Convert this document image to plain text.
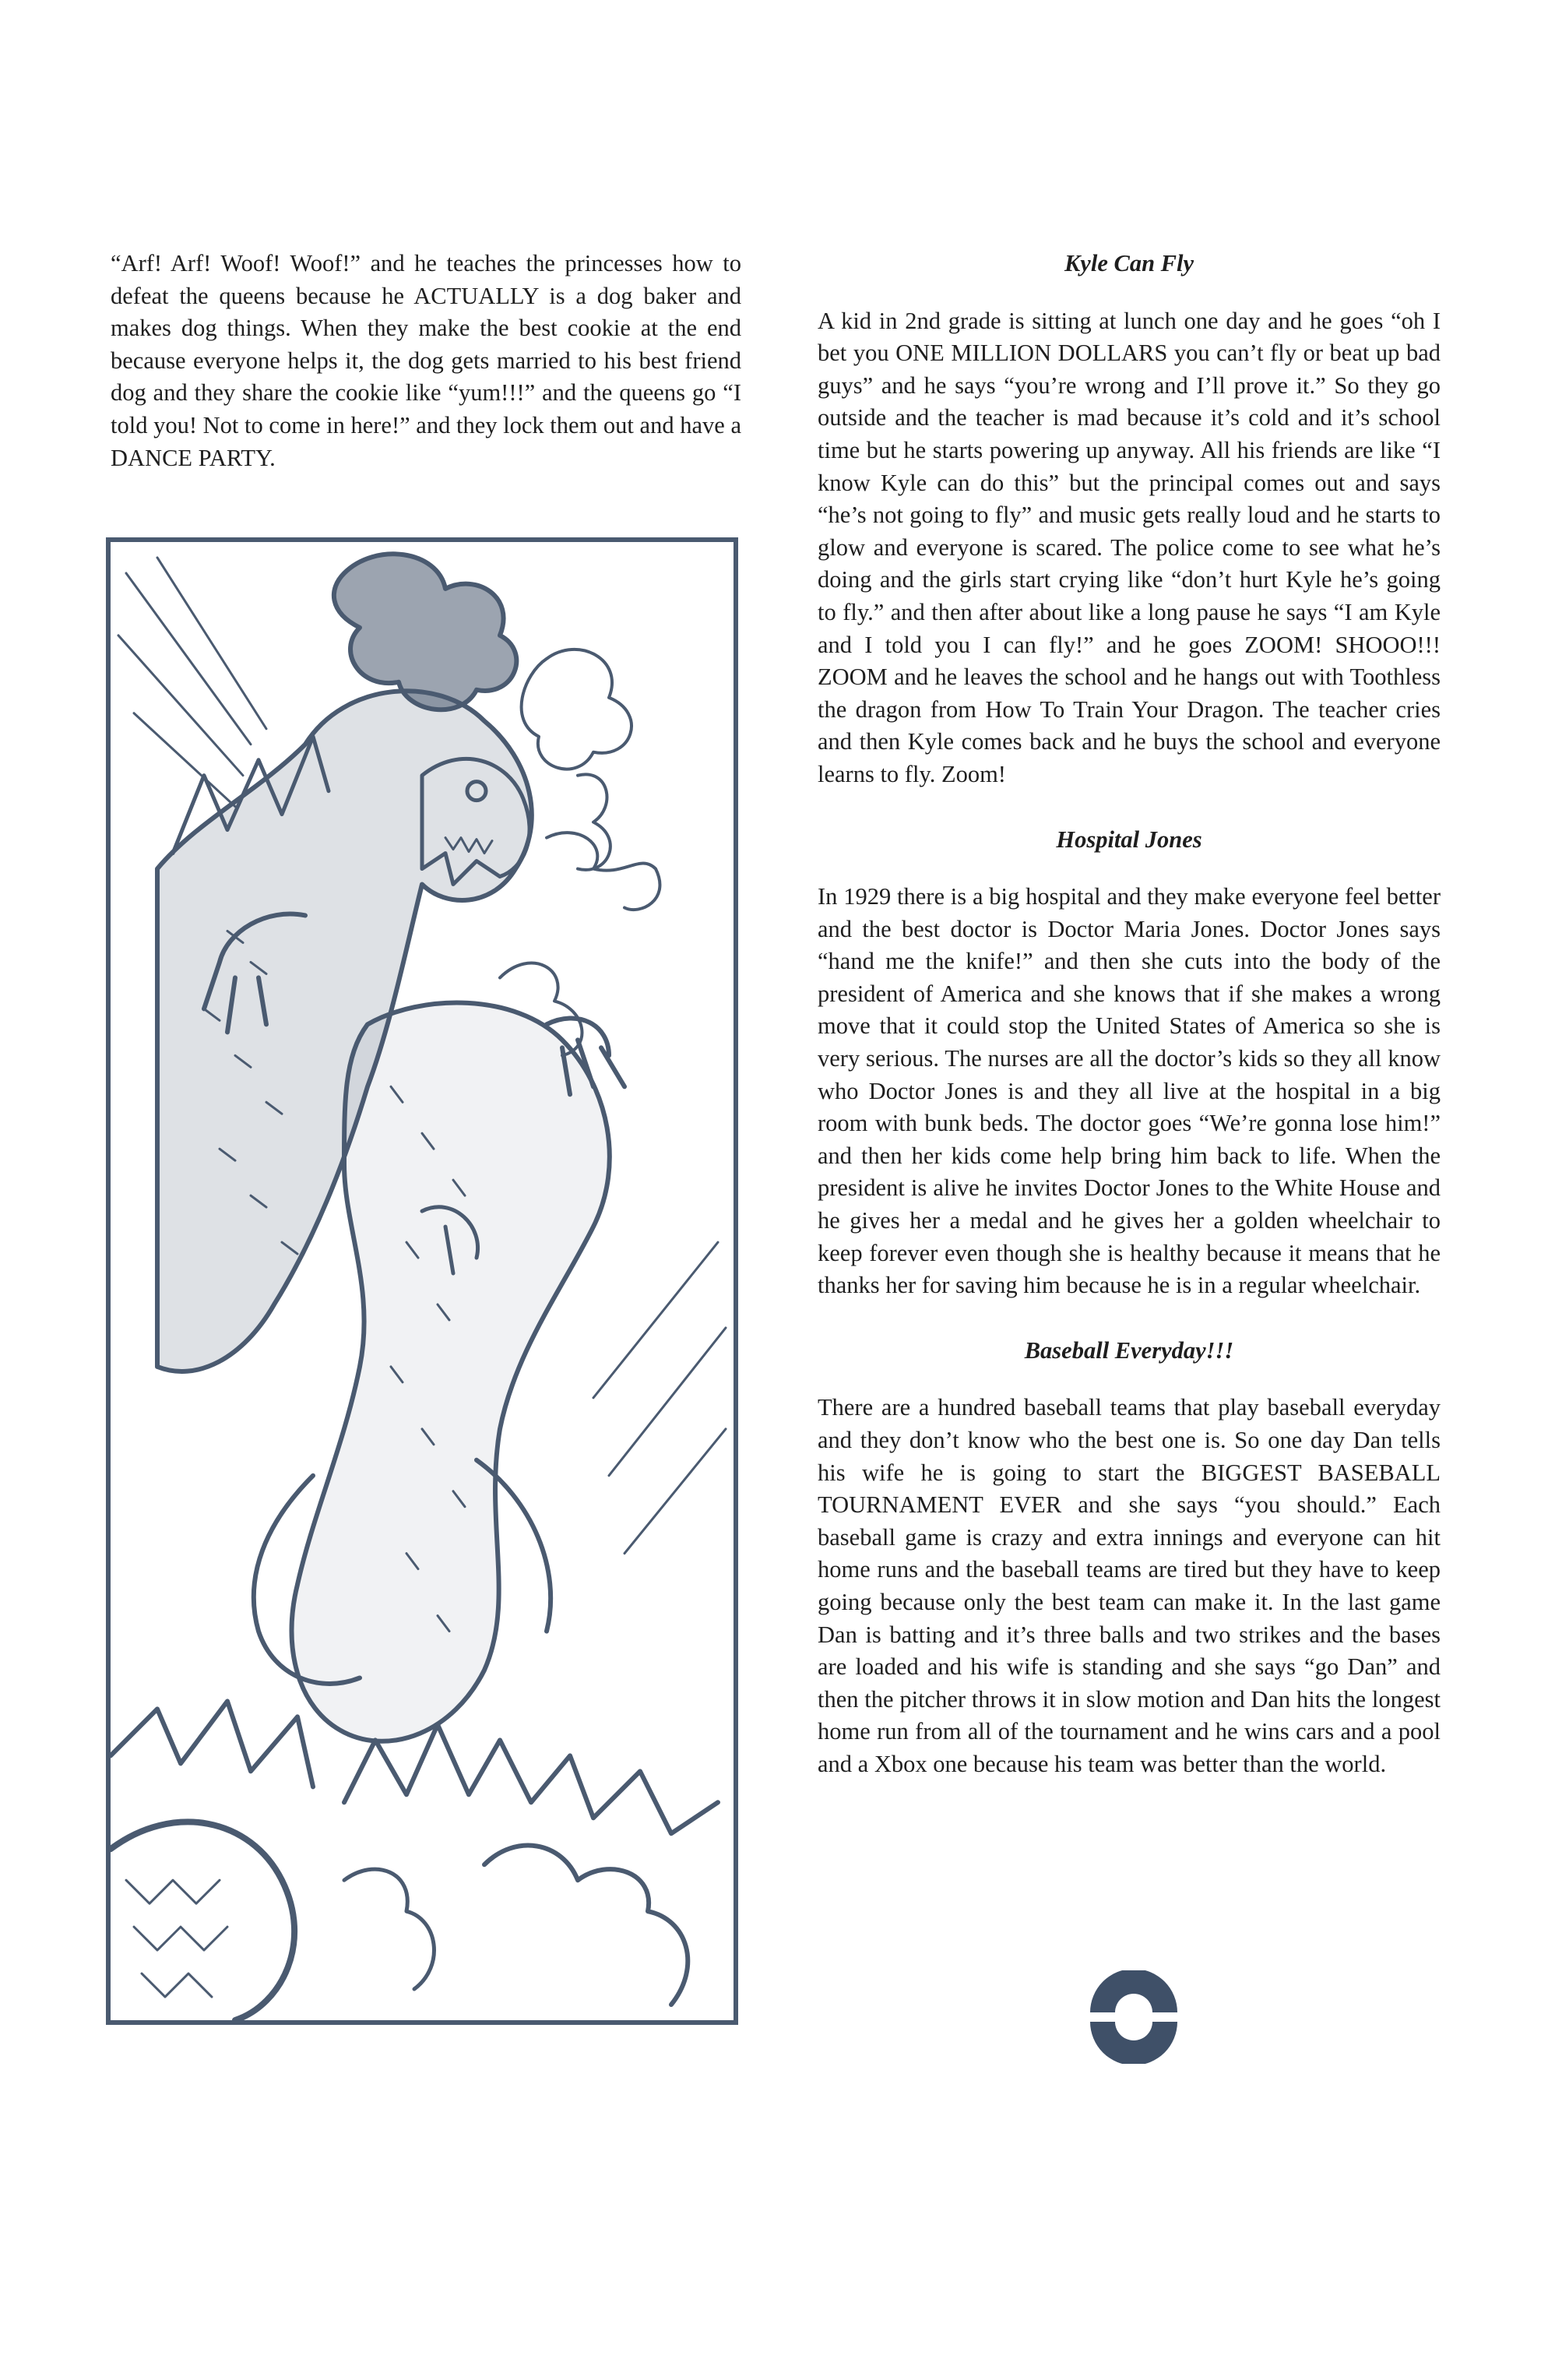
“Arf! Arf! Woof! Woof!” and he teaches the princesses how to defeat the queens because he ACTUALLY is a dog baker and makes dog things. When they make the best cookie at the end because everyone helps it, the dog gets married to his best friend dog and they share the cookie like “yum!!!” and the queens go “I told you! Not to come in here!” and they lock them out and have a DANCE PARTY.

Kyle Can Fly

A kid in 2nd grade is sitting at lunch one day and he goes “oh I bet you ONE MILLION DOLLARS you can’t fly or beat up bad guys” and he says “you’re wrong and I’ll prove it.” So they go outside and the teacher is mad because it’s cold and it’s school time but he starts powering up anyway. All his friends are like “I know Kyle can do this” but the principal comes out and says “he’s not going to fly” and music gets really loud and he starts to glow and everyone is scared. The police come to see what he’s doing and the girls start crying like “don’t hurt Kyle he’s going to fly.” and then after about like a long pause he says “I am Kyle and I told you I can fly!” and he goes ZOOM! SHOOO!!! ZOOM and he leaves the school and he hangs out with Toothless the dragon from How To Train Your Dragon. The teacher cries and then Kyle comes back and he buys the school and everyone learns to fly. Zoom!

Hospital Jones

In 1929 there is a big hospital and they make everyone feel better and the best doctor is Doctor Maria Jones. Doctor Jones says “hand me the knife!” and then she cuts into the body of the president of America and she knows that if she makes a wrong move that it could stop the United States of America so she is very serious. The nurses are all the doctor’s kids so they all know who Doctor Jones is and they all live at the hospital in a big room with bunk beds. The doctor goes “We’re gonna lose him!” and then her kids come help bring him back to life. When the president is alive he invites Doctor Jones to the White House and he gives her a medal and he gives her a golden wheelchair to keep forever even though she is healthy because it means that he thanks her for saving him because he is in a regular wheelchair.

Baseball Everyday!!!

There are a hundred baseball teams that play baseball everyday and they don’t know who the best one is. So one day Dan tells his wife he is going to start the BIGGEST BASEBALL TOURNAMENT EVER and she says “you should.” Each baseball game is crazy and extra innings and everyone can hit home runs and the baseball teams are tired but they have to keep going because only the best team can make it. In the last game Dan is batting and it’s three balls and two strikes and the bases are loaded and his wife is standing and she says “go Dan” and then the pitcher throws it in slow motion and Dan hits the longest home run from all of the tournament and he wins cars and a pool and a Xbox one because his team was better than the world.
